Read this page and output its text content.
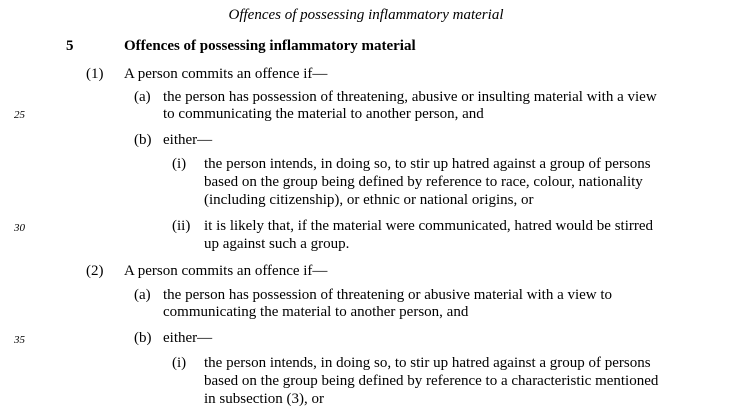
Offences of possessing inflammatory material
25
30
35
5	Offences of possessing inflammatory material
(1) A person commits an offence if—
(a) the person has possession of threatening, abusive or insulting material with a view
to communicating the material to another person, and
(b) either—
(i) the person intends, in doing so, to stir up hatred against a group of persons
based on the group being defined by reference to race, colour, nationality
(including citizenship), or ethnic or national origins, or
(ii) it is likely that, if the material were communicated, hatred would be stirred
up against such a group.
(2) A person commits an offence if—
(a) the person has possession of threatening or abusive material with a view to
communicating the material to another person, and
(b) either—
(i) the person intends, in doing so, to stir up hatred against a group of persons
based on the group being defined by reference to a characteristic mentioned
in subsection (3), or
